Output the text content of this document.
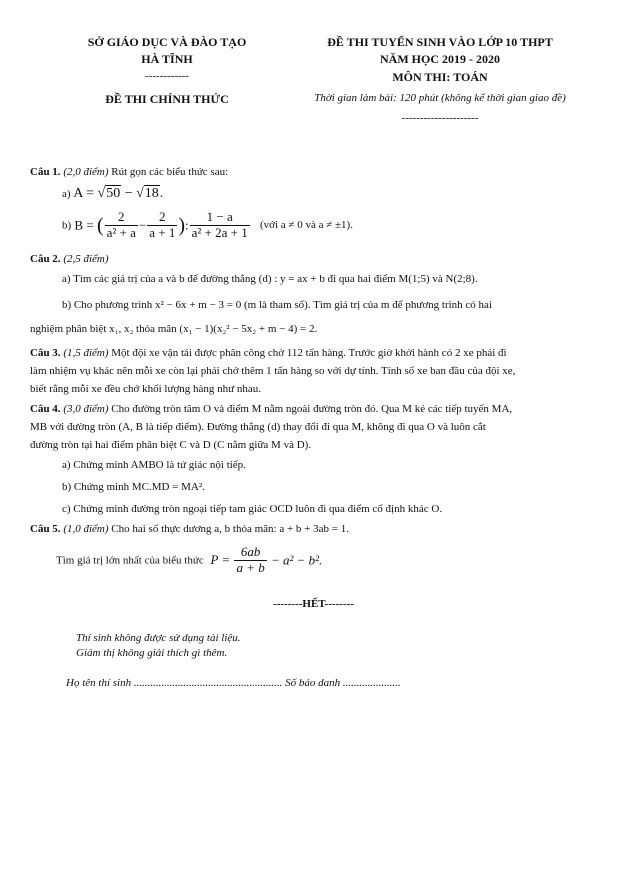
SỞ GIÁO DỤC VÀ ĐÀO TẠO
HÀ TĨNH
------------
ĐỀ THI CHÍNH THỨC
ĐỀ THI TUYỂN SINH VÀO LỚP 10 THPT
NĂM HỌC 2019 - 2020
MÔN THI: TOÁN
Thời gian làm bài: 120 phút (không kể thời gian giao đề)
---------------------
Câu 1. (2,0 điểm) Rút gọn các biểu thức sau:
a) A = √50 − √18.
b) B = ( $\frac{2}{\text{a² + a}} - \frac{2}{a + 1}$ ): $\frac{1 - a}{\text{a² + 2a + 1}}$ (với a ≠ 0 và a ≠ ±1).
Câu 2. (2,5 điểm)
a) Tìm các giá trị của a và b để đường thẳng (d) : y = ax + b đi qua hai điểm M(1;5) và N(2;8).
b) Cho phương trình x² − 6x + m − 3 = 0 (m là tham số). Tìm giá trị của m để phương trình có hai
nghiệm phân biệt x₁, x₂ thỏa mãn (x₁ − 1)(x₂² − 5x₂ + m − 4) = 2.
Câu 3. (1,5 điểm) Một đội xe vận tải được phân công chở 112 tấn hàng. Trước giờ khởi hành có 2 xe phải đi
làm nhiệm vụ khác nên mỗi xe còn lại phải chở thêm 1 tấn hàng so với dự tính. Tính số xe ban đầu của đội xe,
biết rằng mỗi xe đều chở khối lượng hàng như nhau.
Câu 4. (3,0 điểm) Cho đường tròn tâm O và điểm M nằm ngoài đường tròn đó. Qua M kẻ các tiếp tuyến MA,
MB với đường tròn (A, B là tiếp điểm). Đường thẳng (d) thay đổi đi qua M, không đi qua O và luôn cắt
đường tròn tại hai điểm phân biệt C và D (C nằm giữa M và D).
a) Chứng minh AMBO là tứ giác nội tiếp.
b) Chứng minh MC.MD = MA².
c) Chứng minh đường tròn ngoại tiếp tam giác OCD luôn đi qua điểm cố định khác O.
Câu 5. (1,0 điểm) Cho hai số thực dương a, b thỏa mãn: a + b + 3ab = 1.
Tìm giá trị lớn nhất của biểu thức $P = \frac{6ab}{a + b} - a^2 - b^2$.
--------HẾT--------
Thí sinh không được sử dụng tài liệu.
Giám thị không giải thích gì thêm.
Họ tên thí sinh ...................................................... Số báo danh .....................
